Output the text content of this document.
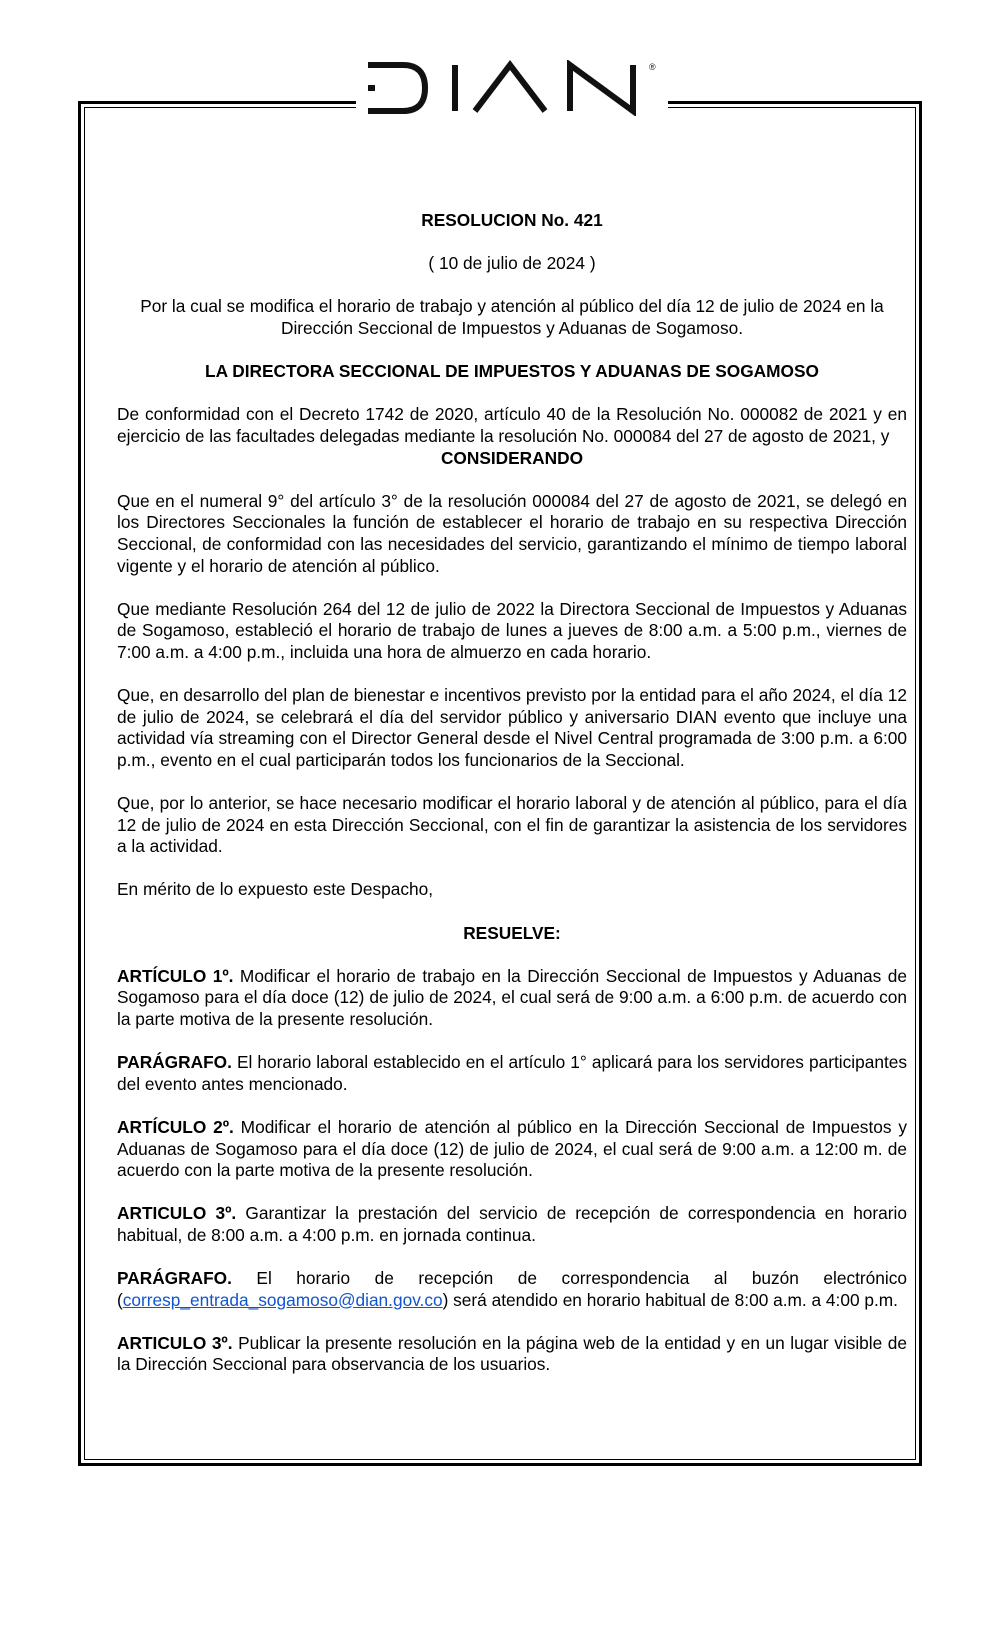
®

RESOLUCION No. 421

( 10 de julio de 2024 )

Por la cual se modifica el horario de trabajo y atención al público del día 12 de julio de 2024 en la Dirección Seccional de Impuestos y Aduanas de Sogamoso.

LA DIRECTORA SECCIONAL DE IMPUESTOS Y ADUANAS DE SOGAMOSO

De conformidad con el Decreto 1742 de 2020, artículo 40 de la Resolución No. 000082 de 2021 y en ejercicio de las facultades delegadas mediante la resolución No. 000084 del 27 de agosto de 2021, y

CONSIDERANDO

Que en el numeral 9° del artículo 3° de la resolución 000084 del 27 de agosto de 2021, se delegó en los Directores Seccionales la función de establecer el horario de trabajo en su respectiva Dirección Seccional, de conformidad con las necesidades del servicio, garantizando el mínimo de tiempo laboral vigente y el horario de atención al público.

Que mediante Resolución 264 del 12 de julio de 2022 la Directora Seccional de Impuestos y Aduanas de Sogamoso, estableció el horario de trabajo de lunes a jueves de 8:00 a.m. a 5:00 p.m., viernes de 7:00 a.m. a 4:00 p.m., incluida una hora de almuerzo en cada horario.

Que, en desarrollo del plan de bienestar e incentivos previsto por la entidad para el año 2024, el día 12 de julio de 2024, se celebrará el día del servidor público y aniversario DIAN evento que incluye una actividad vía streaming con el Director General desde el Nivel Central programada de 3:00 p.m. a 6:00 p.m., evento en el cual participarán todos los funcionarios de la Seccional.

Que, por lo anterior, se hace necesario modificar el horario laboral y de atención al público, para el día 12 de julio de 2024 en esta Dirección Seccional, con el fin de garantizar la asistencia de los servidores a la actividad.

En mérito de lo expuesto este Despacho,

RESUELVE:

ARTÍCULO 1º. Modificar el horario de trabajo en la Dirección Seccional de Impuestos y Aduanas de Sogamoso para el día doce (12) de julio de 2024, el cual será de 9:00 a.m. a 6:00 p.m. de acuerdo con la parte motiva de la presente resolución.

PARÁGRAFO. El horario laboral establecido en el artículo 1° aplicará para los servidores participantes del evento antes mencionado.

ARTÍCULO 2º. Modificar el horario de atención al público en la Dirección Seccional de Impuestos y Aduanas de Sogamoso para el día doce (12) de julio de 2024, el cual será de 9:00 a.m. a 12:00 m. de acuerdo con la parte motiva de la presente resolución.

ARTICULO 3º. Garantizar la prestación del servicio de recepción de correspondencia en horario habitual, de 8:00 a.m. a 4:00 p.m. en jornada continua.

PARÁGRAFO. El horario de recepción de correspondencia al buzón electrónico (corresp_entrada_sogamoso@dian.gov.co) será atendido en horario habitual de 8:00 a.m. a 4:00 p.m.

ARTICULO 3º. Publicar la presente resolución en la página web de la entidad y en un lugar visible de la Dirección Seccional para observancia de los usuarios.
